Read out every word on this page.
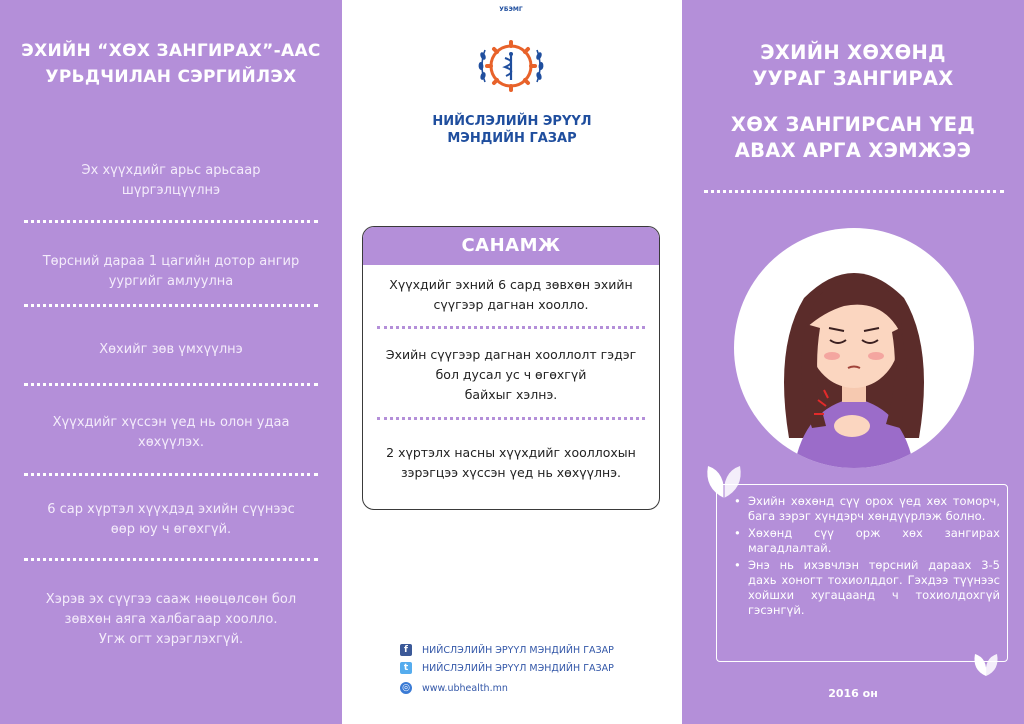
ЭХИЙН “ХӨХ ЗАНГИРАХ”-ААС
УРЬДЧИЛАН СЭРГИЙЛЭХ
Эх хүүхдийг арьс арьсаар
шүргэлцүүлнэ
Төрсний дараа 1 цагийн дотор ангир
уургийг амлуулна
Хөхийг зөв үмхүүлнэ
Хүүхдийг хүссэн үед нь олон удаа
хөхүүлэх.
6 сар хүртэл хүүхдэд эхийн сүүнээс
өөр юу ч өгөхгүй.
Хэрэв эх сүүгээ сааж нөөцөлсөн бол
зөвхөн аяга халбагаар хоолло.
Угж огт хэрэглэхгүй.
УБЭМГ
НИЙСЛЭЛИЙН ЭРҮҮЛ
МЭНДИЙН ГАЗАР
САНАМЖ
Хүүхдийг эхний 6 сард зөвхөн эхийн
сүүгээр дагнан хоолло.
Эхийн сүүгээр дагнан хооллолт гэдэг
бол дусал ус ч өгөхгүй
байхыг хэлнэ.
2 хүртэлх насны хүүхдийг хооллохын
зэрэгцээ хүссэн үед нь хөхүүлнэ.
f	НИЙСЛЭЛИЙН ЭРҮҮЛ МЭНДИЙН ГАЗАР
t	НИЙСЛЭЛИЙН ЭРҮҮЛ МЭНДИЙН ГАЗАР
◎ www.ubhealth.mn
ЭХИЙН ХӨХӨНД
УУРАГ ЗАНГИРАХ
ХӨХ ЗАНГИРСАН ҮЕД
АВАХ АРГА ХЭМЖЭЭ
• Эхийн хөхөнд сүү орох үед хөх томорч, бага зэрэг хүндэрч хөндүүрлэж болно.
• Хөхөнд сүү орж хөх зангирах магадлалтай.
• Энэ нь ихэвчлэн төрсний дараах 3-5 дахь хоногт тохиолддог. Гэхдээ түүнээс хойшхи хугацаанд ч тохиолдохгүй гэсэнгүй.
2016 он
